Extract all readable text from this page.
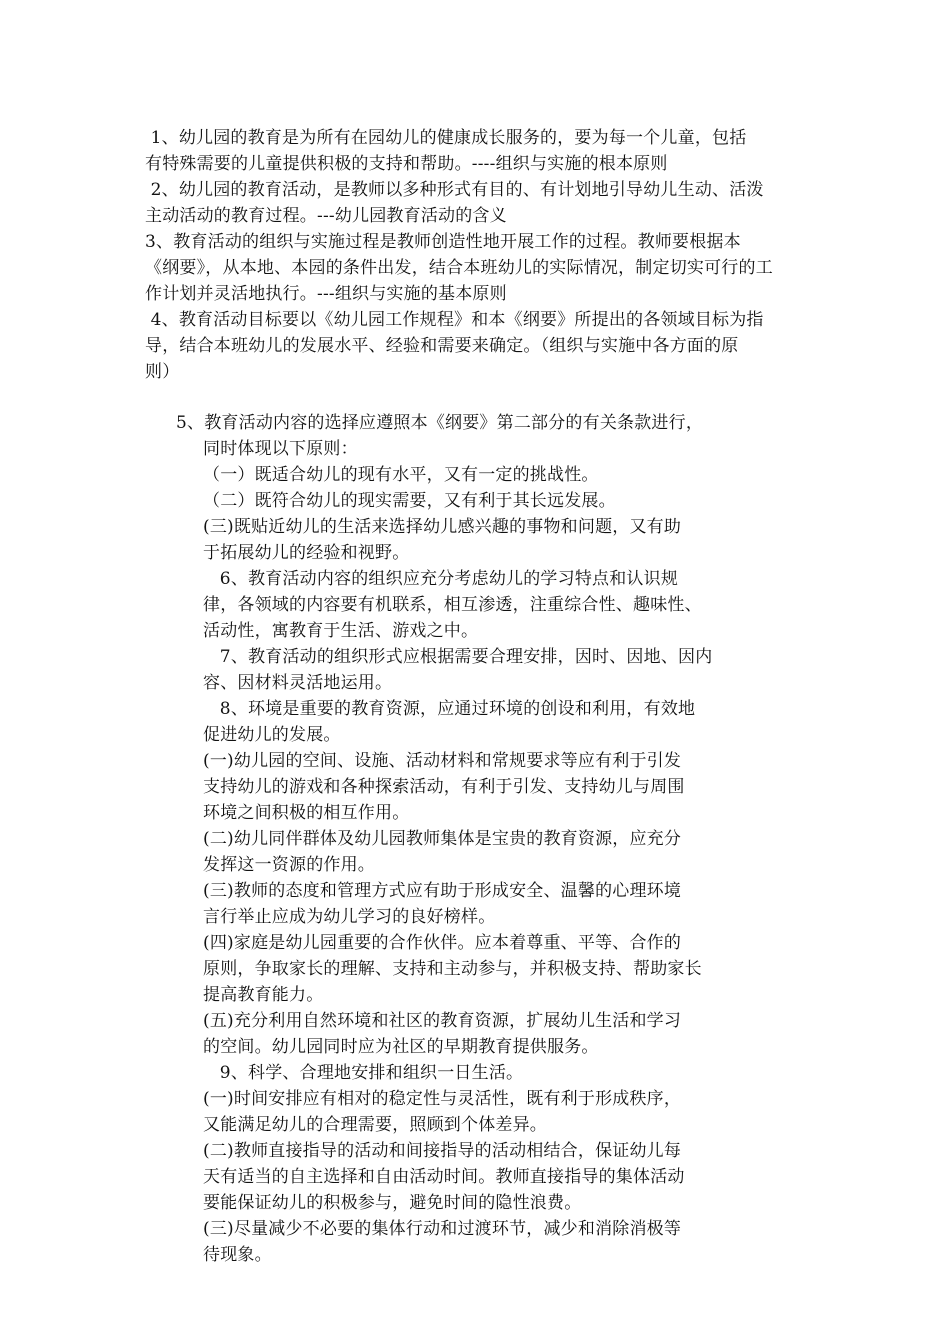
1、幼儿园的教育是为所有在园幼儿的健康成长服务的，要为每一个儿童，包括
有特殊需要的儿童提供积极的支持和帮助。----组织与实施的根本原则
2、幼儿园的教育活动，是教师以多种形式有目的、有计划地引导幼儿生动、活泼
主动活动的教育过程。---幼儿园教育活动的含义
3、教育活动的组织与实施过程是教师创造性地开展工作的过程。教师要根据本
《纲要》，从本地、本园的条件出发，结合本班幼儿的实际情况，制定切实可行的工
作计划并灵活地执行。---组织与实施的基本原则
4、教育活动目标要以《幼儿园工作规程》和本《纲要》所提出的各领域目标为指
导，结合本班幼儿的发展水平、经验和需要来确定。（组织与实施中各方面的原
则）
5、教育活动内容的选择应遵照本《纲要》第二部分的有关条款进行，
同时体现以下原则：
（一）既适合幼儿的现有水平，又有一定的挑战性。
（二）既符合幼儿的现实需要，又有利于其长远发展。
(三)既贴近幼儿的生活来选择幼儿感兴趣的事物和问题，又有助
于拓展幼儿的经验和视野。
6、教育活动内容的组织应充分考虑幼儿的学习特点和认识规
律，各领域的内容要有机联系，相互渗透，注重综合性、趣味性、
活动性，寓教育于生活、游戏之中。
7、教育活动的组织形式应根据需要合理安排，因时、因地、因内
容、因材料灵活地运用。
8、环境是重要的教育资源，应通过环境的创设和利用，有效地
促进幼儿的发展。
(一)幼儿园的空间、设施、活动材料和常规要求等应有利于引发
支持幼儿的游戏和各种探索活动，有利于引发、支持幼儿与周围
环境之间积极的相互作用。
(二)幼儿同伴群体及幼儿园教师集体是宝贵的教育资源，应充分
发挥这一资源的作用。
(三)教师的态度和管理方式应有助于形成安全、温馨的心理环境
言行举止应成为幼儿学习的良好榜样。
(四)家庭是幼儿园重要的合作伙伴。应本着尊重、平等、合作的
原则，争取家长的理解、支持和主动参与，并积极支持、帮助家长
提高教育能力。
(五)充分利用自然环境和社区的教育资源，扩展幼儿生活和学习
的空间。幼儿园同时应为社区的早期教育提供服务。
9、科学、合理地安排和组织一日生活。
(一)时间安排应有相对的稳定性与灵活性，既有利于形成秩序，
又能满足幼儿的合理需要，照顾到个体差异。
(二)教师直接指导的活动和间接指导的活动相结合，保证幼儿每
天有适当的自主选择和自由活动时间。教师直接指导的集体活动
要能保证幼儿的积极参与，避免时间的隐性浪费。
(三)尽量减少不必要的集体行动和过渡环节，减少和消除消极等
待现象。
